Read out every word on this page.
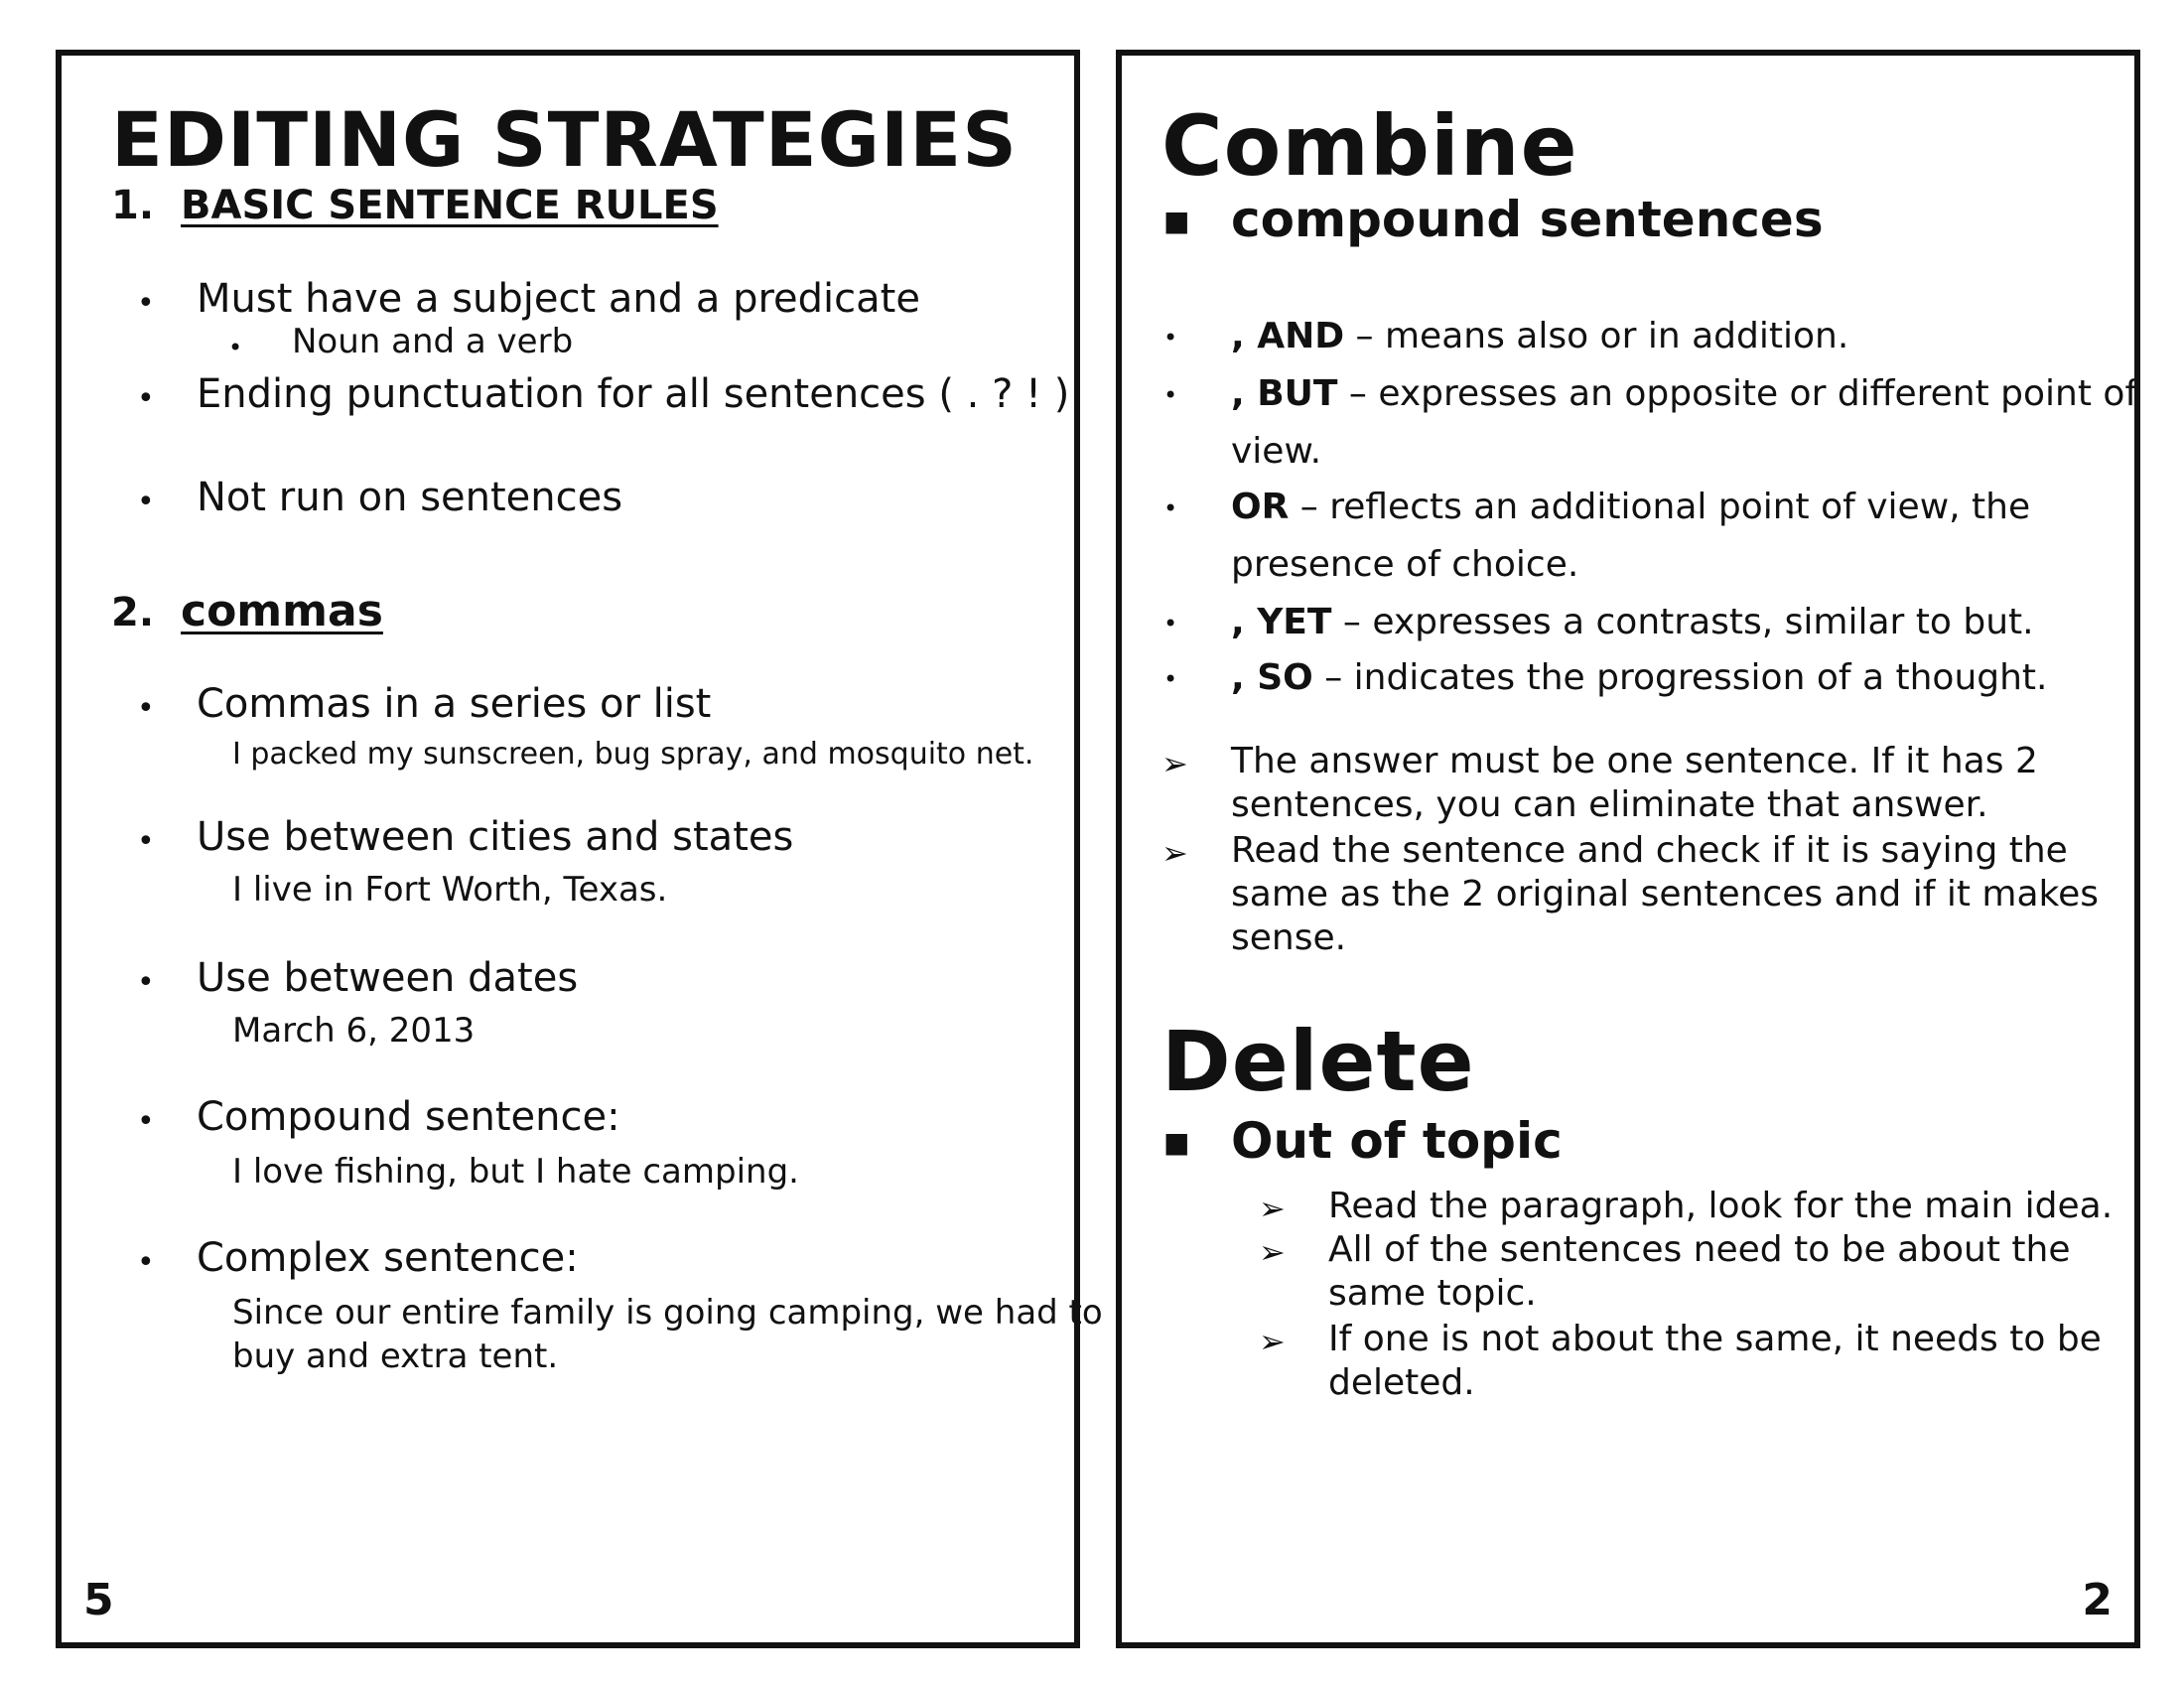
EDITING STRATEGIES
1. BASIC SENTENCE RULES
• Must have a subject and a predicate
• Noun and a verb
• Ending punctuation for all sentences ( . ? ! )
• Not run on sentences
2. commas
• Commas in a series or list
I packed my sunscreen, bug spray, and mosquito net.
• Use between cities and states
I live in Fort Worth, Texas.
• Use between dates
March 6, 2013
• Compound sentence:
I love fishing, but I hate camping.
• Complex sentence:
Since our entire family is going camping, we had to
buy and extra tent.
5
Combine
■ compound sentences
• , AND – means also or in addition.
• , BUT – expresses an opposite or different point of
view.
• OR – reflects an additional point of view, the
presence of choice.
• , YET – expresses a contrasts, similar to but.
• , SO – indicates the progression of a thought.
➢ The answer must be one sentence. If it has 2
sentences, you can eliminate that answer.
➢ Read the sentence and check if it is saying the
same as the 2 original sentences and if it makes
sense.
Delete
■ Out of topic
➢ Read the paragraph, look for the main idea.
➢ All of the sentences need to be about the
same topic.
➢ If one is not about the same, it needs to be
deleted.
2
